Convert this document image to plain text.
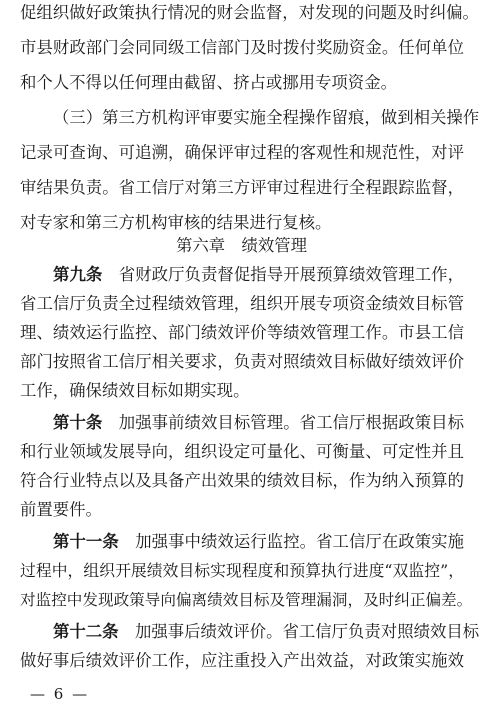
促组织做好政策执行情况的财会监督，对发现的问题及时纠偏。
市县财政部门会同同级工信部门及时拨付奖励资金。任何单位
和个人不得以任何理由截留、挤占或挪用专项资金。
（三）第三方机构评审要实施全程操作留痕，做到相关操作
记录可查询、可追溯，确保评审过程的客观性和规范性，对评
审结果负责。省工信厅对第三方评审过程进行全程跟踪监督，
对专家和第三方机构审核的结果进行复核。
第六章　绩效管理
第九条　省财政厅负责督促指导开展预算绩效管理工作，
省工信厅负责全过程绩效管理，组织开展专项资金绩效目标管
理、绩效运行监控、部门绩效评价等绩效管理工作。市县工信
部门按照省工信厅相关要求，负责对照绩效目标做好绩效评价
工作，确保绩效目标如期实现。
第十条　加强事前绩效目标管理。省工信厅根据政策目标
和行业领域发展导向，组织设定可量化、可衡量、可定性并且
符合行业特点以及具备产出效果的绩效目标，作为纳入预算的
前置要件。
第十一条　加强事中绩效运行监控。省工信厅在政策实施
过程中，组织开展绩效目标实现程度和预算执行进度“双监控”，
对监控中发现政策导向偏离绩效目标及管理漏洞，及时纠正偏差。
第十二条　加强事后绩效评价。省工信厅负责对照绩效目标
做好事后绩效评价工作，应注重投入产出效益，对政策实施效
— 6 —
